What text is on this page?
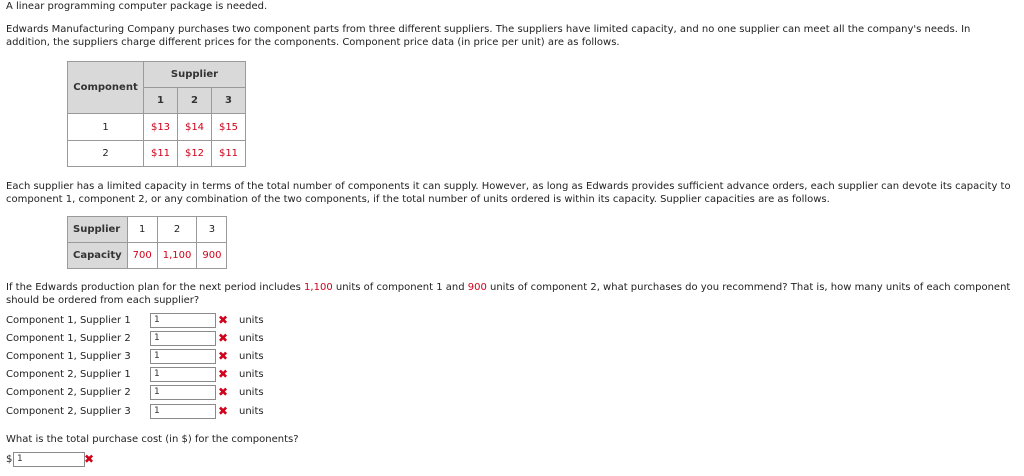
A linear programming computer package is needed.
Edwards Manufacturing Company purchases two component parts from three different suppliers. The suppliers have limited capacity, and no one supplier can meet all the company's needs. In
addition, the suppliers charge different prices for the components. Component price data (in price per unit) are as follows.
Component	Supplier		
	1	2	3
1	$13	$14	$15
2	$11	$12	$11
Each supplier has a limited capacity in terms of the total number of components it can supply. However, as long as Edwards provides sufficient advance orders, each supplier can devote its capacity to
component 1, component 2, or any combination of the two components, if the total number of units ordered is within its capacity. Supplier capacities are as follows.
Supplier	1	2	3
Capacity	700	1,100	900
If the Edwards production plan for the next period includes 1,100 units of component 1 and 900 units of component 2, what purchases do you recommend? That is, how many units of each component
should be ordered from each supplier?
Component 1, Supplier 1
1	✖ units
Component 1, Supplier 2
1	✖ units
Component 1, Supplier 3
1	✖ units
Component 2, Supplier 1
1	✖ units
Component 2, Supplier 2
1	✖ units
Component 2, Supplier 3
1	✖ units
What is the total purchase cost (in $) for the components?
$
1	✖
